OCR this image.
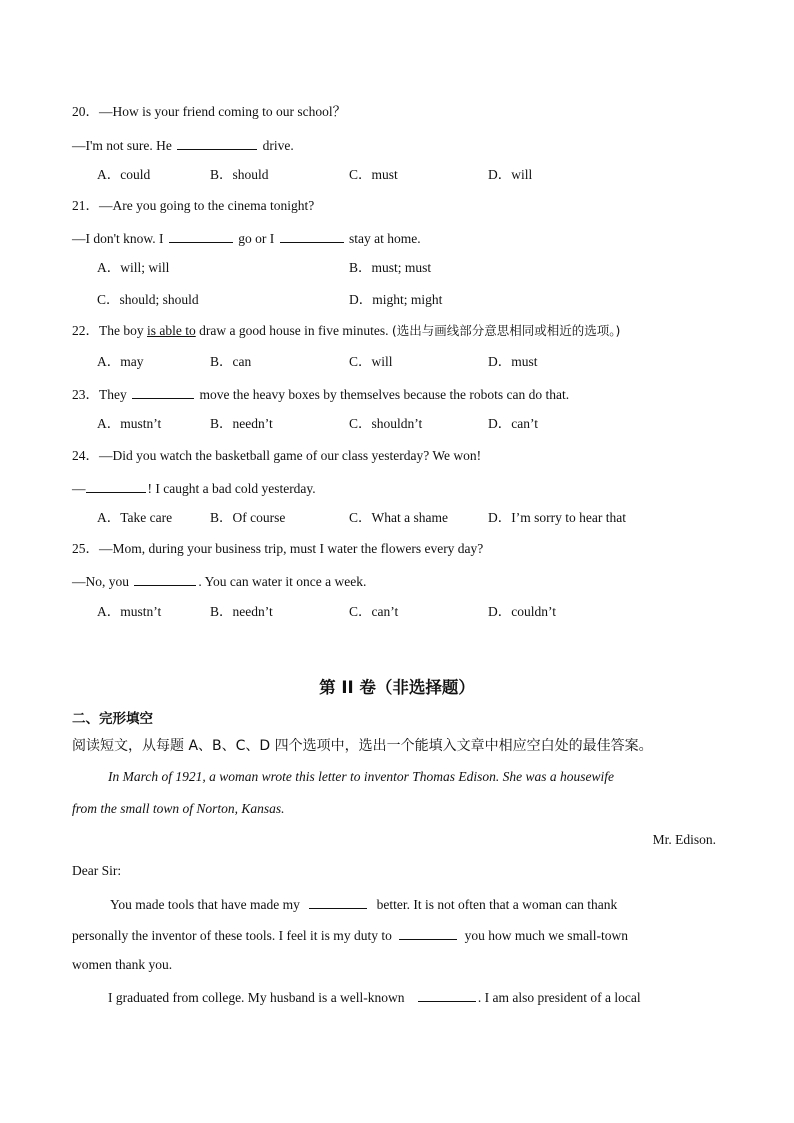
20．—How is your friend coming to our school？
—I'm not sure. He	drive.
A．could	B．should	C．must	D．will
21．—Are you going to the cinema tonight?
—I don't know. I	go or I	stay at home.
A．will; will	B．must; must
C．should; should	D．might; might
22．The boy is able to draw a good house in five minutes. (选出与画线部分意思相同或相近的选项。)
A．may	B．can	C．will	D．must
23．They	move the heavy boxes by themselves because the robots can do that.
A．mustn’t	B．needn’t	C．shouldn’t	D．can’t
24．—Did you watch the basketball game of our class yesterday? We won!
—	! I caught a bad cold yesterday.
A．Take care	B．Of course	C．What a shame	D．I’m sorry to hear that
25．—Mom, during your business trip, must I water the flowers every day?
—No, you	. You can water it once a week.
A．mustn’t	B．needn’t	C．can’t	D．couldn’t
第 II 卷（非选择题）
二、完形填空
阅读短文，从每题 A、B、C、D 四个选项中，选出一个能填入文章中相应空白处的最佳答案。
In March of 1921, a woman wrote this letter to inventor Thomas Edison. She was a housewife
from the small town of Norton, Kansas.
Mr. Edison.
Dear Sir:
You made tools that have made my	better. It is not often that a woman can thank
personally the inventor of these tools. I feel it is my duty to	you how much we small-town
women thank you.
I graduated from college. My husband is a well-known	. I am also president of a local
